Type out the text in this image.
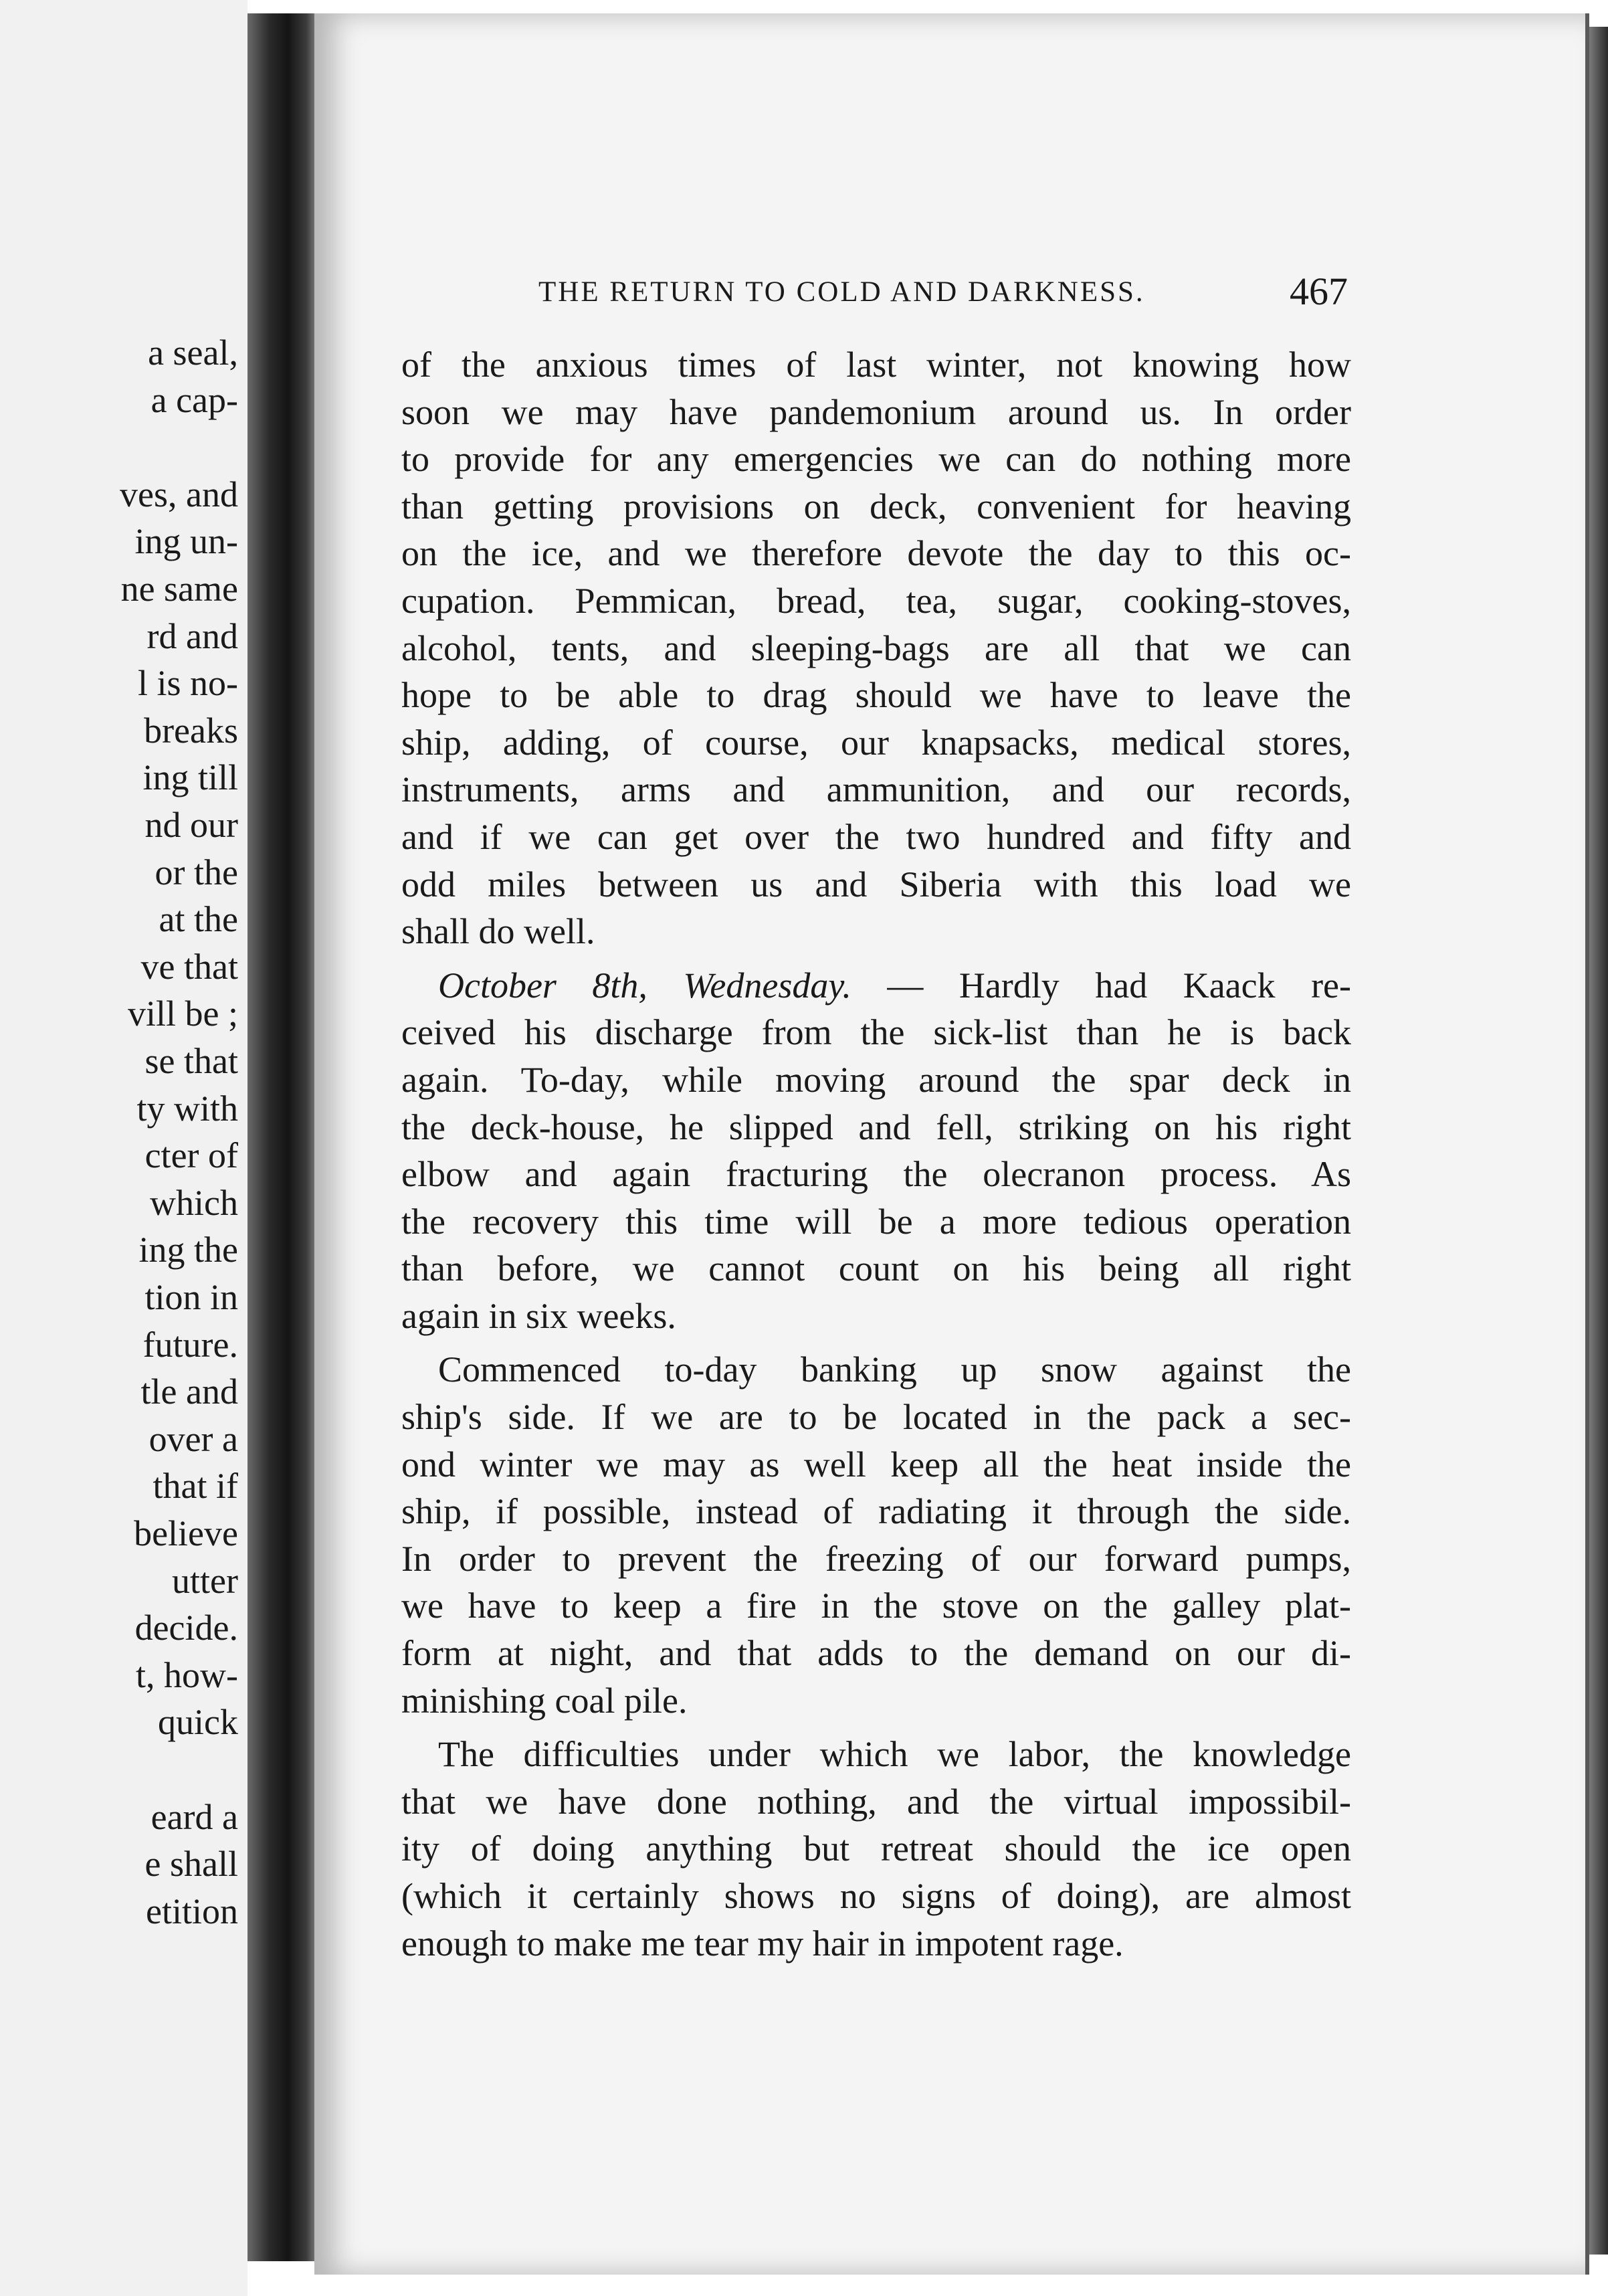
a seal,
a cap-
ves, and
ing un-
ne same
rd and
l is no-
breaks
ing till
nd our
or the
at the
ve that
vill be ;
se that
ty with
cter of
which
ing the
tion in
future.
tle and
over a
that if
believe
utter
decide.
t, how-
quick
eard a
e shall
etition
THE RETURN TO COLD AND DARKNESS.	467
of the anxious times of last winter, not knowing how
soon we may have pandemonium around us. In order
to provide for any emergencies we can do nothing more
than getting provisions on deck, convenient for heaving
on the ice, and we therefore devote the day to this oc-
cupation. Pemmican, bread, tea, sugar, cooking-stoves,
alcohol, tents, and sleeping-bags are all that we can
hope to be able to drag should we have to leave the
ship, adding, of course, our knapsacks, medical stores,
instruments, arms and ammunition, and our records,
and if we can get over the two hundred and fifty and
odd miles between us and Siberia with this load we
shall do well.
October 8th, Wednesday. — Hardly had Kaack re-
ceived his discharge from the sick-list than he is back
again. To-day, while moving around the spar deck in
the deck-house, he slipped and fell, striking on his right
elbow and again fracturing the olecranon process. As
the recovery this time will be a more tedious operation
than before, we cannot count on his being all right
again in six weeks.
Commenced to-day banking up snow against the
ship's side. If we are to be located in the pack a sec-
ond winter we may as well keep all the heat inside the
ship, if possible, instead of radiating it through the side.
In order to prevent the freezing of our forward pumps,
we have to keep a fire in the stove on the galley plat-
form at night, and that adds to the demand on our di-
minishing coal pile.
The difficulties under which we labor, the knowledge
that we have done nothing, and the virtual impossibil-
ity of doing anything but retreat should the ice open
(which it certainly shows no signs of doing), are almost
enough to make me tear my hair in impotent rage.
